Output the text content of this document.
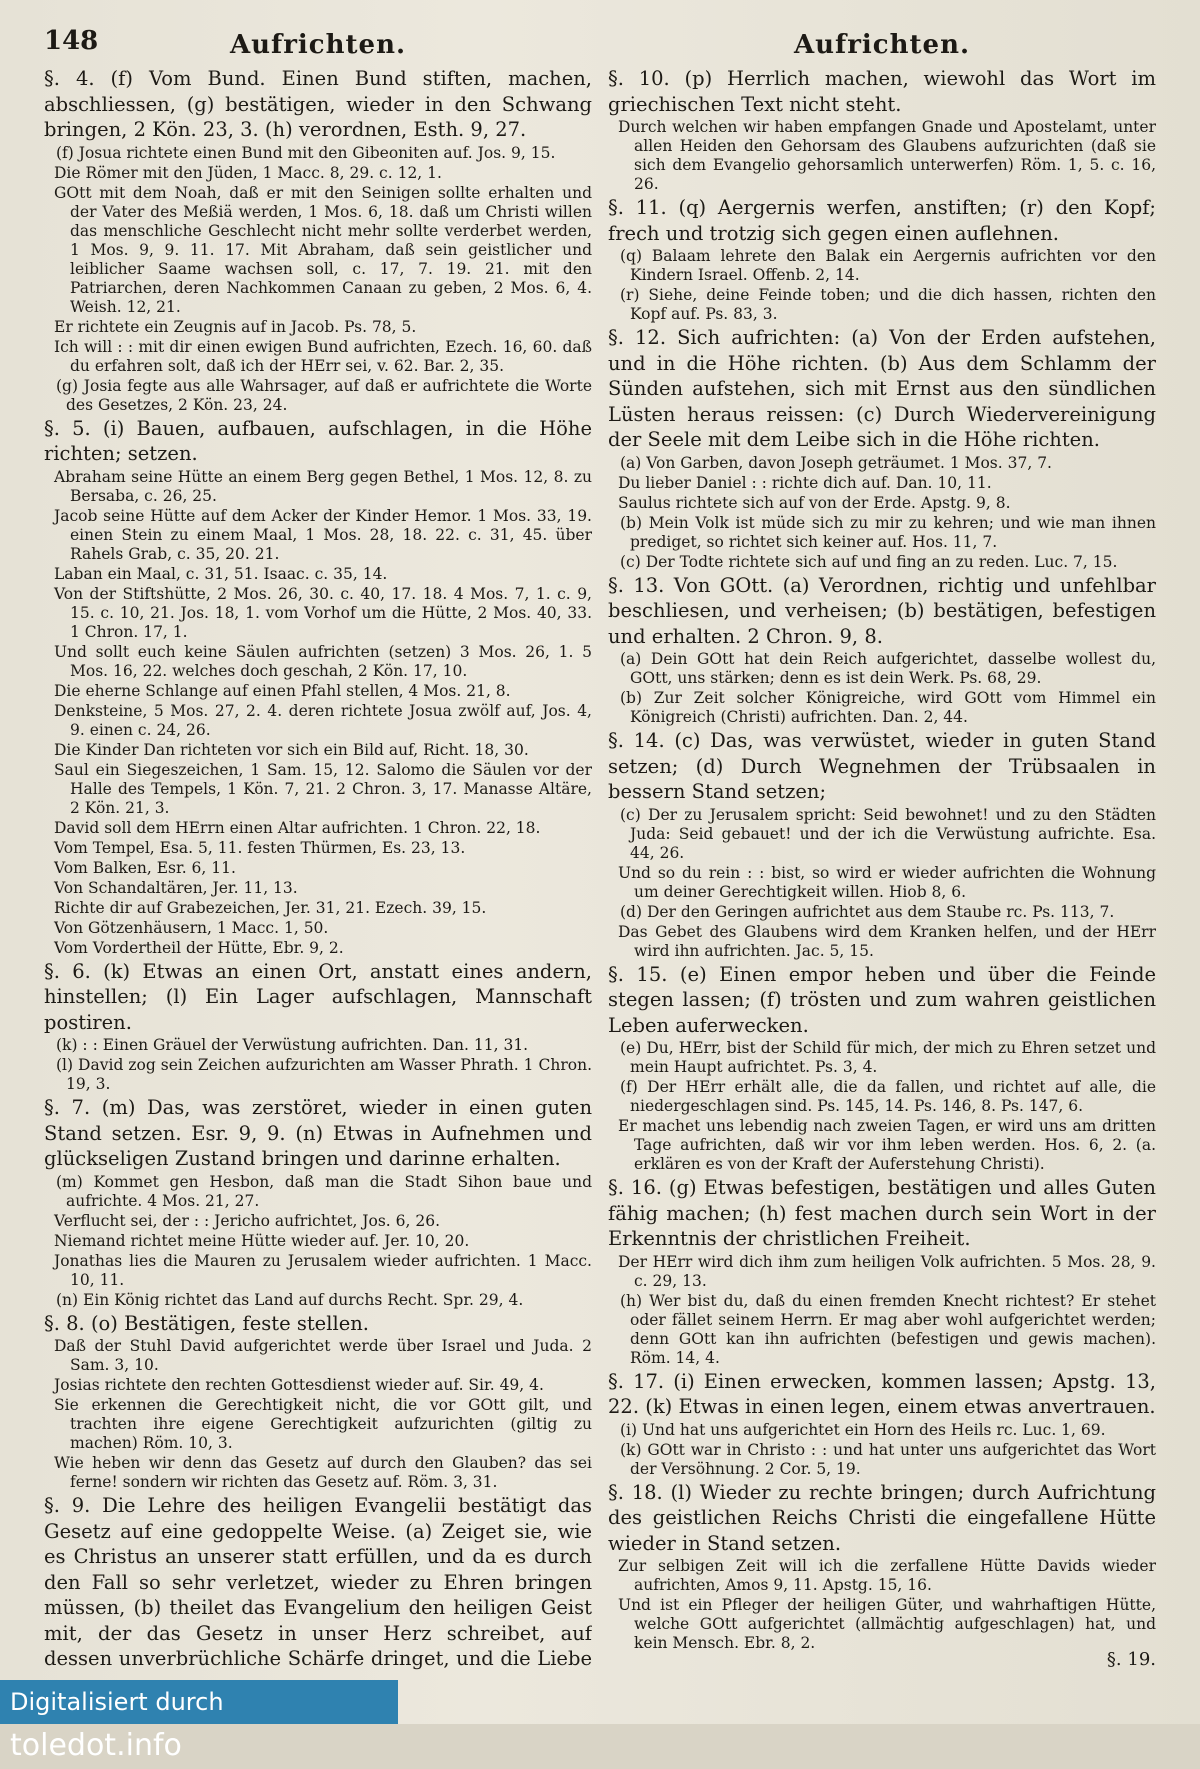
148	Aufrichten.
§. 4. (f) Vom Bund. Einen Bund stiften, machen, abschliessen, (g) bestätigen, wieder in den Schwang bringen, 2 Kön. 23, 3. (h) verordnen, Esth. 9, 27.
(f) Josua richtete einen Bund mit den Gibeoniten auf. Jos. 9, 15.
Die Römer mit den Jüden, 1 Macc. 8, 29. c. 12, 1.
GOtt mit dem Noah, daß er mit den Seinigen sollte erhalten und der Vater des Meßiä werden, 1 Mos. 6, 18. daß um Christi willen das menschliche Geschlecht nicht mehr sollte verderbet werden, 1 Mos. 9, 9. 11. 17. Mit Abraham, daß sein geistlicher und leiblicher Saame wachsen soll, c. 17, 7. 19. 21. mit den Patriarchen, deren Nachkommen Canaan zu geben, 2 Mos. 6, 4. Weish. 12, 21.
Er richtete ein Zeugnis auf in Jacob. Ps. 78, 5.
Ich will : : mit dir einen ewigen Bund aufrichten, Ezech. 16, 60. daß du erfahren solt, daß ich der HErr sei, v. 62. Bar. 2, 35.
(g) Josia fegte aus alle Wahrsager, auf daß er aufrichtete die Worte des Gesetzes, 2 Kön. 23, 24.
§. 5. (i) Bauen, aufbauen, aufschlagen, in die Höhe richten; setzen.
Abraham seine Hütte an einem Berg gegen Bethel, 1 Mos. 12, 8. zu Bersaba, c. 26, 25.
Jacob seine Hütte auf dem Acker der Kinder Hemor. 1 Mos. 33, 19. einen Stein zu einem Maal, 1 Mos. 28, 18. 22. c. 31, 45. über Rahels Grab, c. 35, 20. 21.
Laban ein Maal, c. 31, 51. Isaac. c. 35, 14.
Von der Stiftshütte, 2 Mos. 26, 30. c. 40, 17. 18. 4 Mos. 7, 1. c. 9, 15. c. 10, 21. Jos. 18, 1. vom Vorhof um die Hütte, 2 Mos. 40, 33. 1 Chron. 17, 1.
Und sollt euch keine Säulen aufrichten (setzen) 3 Mos. 26, 1. 5 Mos. 16, 22. welches doch geschah, 2 Kön. 17, 10.
Die eherne Schlange auf einen Pfahl stellen, 4 Mos. 21, 8.
Denksteine, 5 Mos. 27, 2. 4. deren richtete Josua zwölf auf, Jos. 4, 9. einen c. 24, 26.
Die Kinder Dan richteten vor sich ein Bild auf, Richt. 18, 30.
Saul ein Siegeszeichen, 1 Sam. 15, 12. Salomo die Säulen vor der Halle des Tempels, 1 Kön. 7, 21. 2 Chron. 3, 17. Manasse Altäre, 2 Kön. 21, 3.
David soll dem HErrn einen Altar aufrichten. 1 Chron. 22, 18.
Vom Tempel, Esa. 5, 11. festen Thürmen, Es. 23, 13.
Vom Balken, Esr. 6, 11.
Von Schandaltären, Jer. 11, 13.
Richte dir auf Grabezeichen, Jer. 31, 21. Ezech. 39, 15.
Von Götzenhäusern, 1 Macc. 1, 50.
Vom Vordertheil der Hütte, Ebr. 9, 2.
§. 6. (k) Etwas an einen Ort, anstatt eines andern, hinstellen; (l) Ein Lager aufschlagen, Mannschaft postiren.
(k) : : Einen Gräuel der Verwüstung aufrichten. Dan. 11, 31.
(l) David zog sein Zeichen aufzurichten am Wasser Phrath. 1 Chron. 19, 3.
§. 7. (m) Das, was zerstöret, wieder in einen guten Stand setzen. Esr. 9, 9. (n) Etwas in Aufnehmen und glückseligen Zustand bringen und darinne erhalten.
(m) Kommet gen Hesbon, daß man die Stadt Sihon baue und aufrichte. 4 Mos. 21, 27.
Verflucht sei, der : : Jericho aufrichtet, Jos. 6, 26.
Niemand richtet meine Hütte wieder auf. Jer. 10, 20.
Jonathas lies die Mauren zu Jerusalem wieder aufrichten. 1 Macc. 10, 11.
(n) Ein König richtet das Land auf durchs Recht. Spr. 29, 4.
§. 8. (o) Bestätigen, feste stellen.
Daß der Stuhl David aufgerichtet werde über Israel und Juda. 2 Sam. 3, 10.
Josias richtete den rechten Gottesdienst wieder auf. Sir. 49, 4.
Sie erkennen die Gerechtigkeit nicht, die vor GOtt gilt, und trachten ihre eigene Gerechtigkeit aufzurichten (giltig zu machen) Röm. 10, 3.
Wie heben wir denn das Gesetz auf durch den Glauben? das sei ferne! sondern wir richten das Gesetz auf. Röm. 3, 31.
§. 9. Die Lehre des heiligen Evangelii bestätigt das Gesetz auf eine gedoppelte Weise. (a) Zeiget sie, wie es Christus an unserer statt erfüllen, und da es durch den Fall so sehr verletzet, wieder zu Ehren bringen müssen, (b) theilet das Evangelium den heiligen Geist mit, der das Gesetz in unser Herz schreibet, auf dessen unverbrüchliche Schärfe dringet, und die Liebe
Aufrichten.
§. 10. (p) Herrlich machen, wiewohl das Wort im griechischen Text nicht steht.
Durch welchen wir haben empfangen Gnade und Apostelamt, unter allen Heiden den Gehorsam des Glaubens aufzurichten (daß sie sich dem Evangelio gehorsamlich unterwerfen) Röm. 1, 5. c. 16, 26.
§. 11. (q) Aergernis werfen, anstiften; (r) den Kopf; frech und trotzig sich gegen einen auflehnen.
(q) Balaam lehrete den Balak ein Aergernis aufrichten vor den Kindern Israel. Offenb. 2, 14.
(r) Siehe, deine Feinde toben; und die dich hassen, richten den Kopf auf. Ps. 83, 3.
§. 12. Sich aufrichten: (a) Von der Erden aufstehen, und in die Höhe richten. (b) Aus dem Schlamm der Sünden aufstehen, sich mit Ernst aus den sündlichen Lüsten heraus reissen: (c) Durch Wiedervereinigung der Seele mit dem Leibe sich in die Höhe richten.
(a) Von Garben, davon Joseph geträumet. 1 Mos. 37, 7.
Du lieber Daniel : : richte dich auf. Dan. 10, 11.
Saulus richtete sich auf von der Erde. Apstg. 9, 8.
(b) Mein Volk ist müde sich zu mir zu kehren; und wie man ihnen prediget, so richtet sich keiner auf. Hos. 11, 7.
(c) Der Todte richtete sich auf und fing an zu reden. Luc. 7, 15.
§. 13. Von GOtt. (a) Verordnen, richtig und unfehlbar beschliesen, und verheisen; (b) bestätigen, befestigen und erhalten. 2 Chron. 9, 8.
(a) Dein GOtt hat dein Reich aufgerichtet, dasselbe wollest du, GOtt, uns stärken; denn es ist dein Werk. Ps. 68, 29.
(b) Zur Zeit solcher Königreiche, wird GOtt vom Himmel ein Königreich (Christi) aufrichten. Dan. 2, 44.
§. 14. (c) Das, was verwüstet, wieder in guten Stand setzen; (d) Durch Wegnehmen der Trübsaalen in bessern Stand setzen;
(c) Der zu Jerusalem spricht: Seid bewohnet! und zu den Städten Juda: Seid gebauet! und der ich die Verwüstung aufrichte. Esa. 44, 26.
Und so du rein : : bist, so wird er wieder aufrichten die Wohnung um deiner Gerechtigkeit willen. Hiob 8, 6.
(d) Der den Geringen aufrichtet aus dem Staube rc. Ps. 113, 7.
Das Gebet des Glaubens wird dem Kranken helfen, und der HErr wird ihn aufrichten. Jac. 5, 15.
§. 15. (e) Einen empor heben und über die Feinde stegen lassen; (f) trösten und zum wahren geistlichen Leben auferwecken.
(e) Du, HErr, bist der Schild für mich, der mich zu Ehren setzet und mein Haupt aufrichtet. Ps. 3, 4.
(f) Der HErr erhält alle, die da fallen, und richtet auf alle, die niedergeschlagen sind. Ps. 145, 14. Ps. 146, 8. Ps. 147, 6.
Er machet uns lebendig nach zweien Tagen, er wird uns am dritten Tage aufrichten, daß wir vor ihm leben werden. Hos. 6, 2. (a. erklären es von der Kraft der Auferstehung Christi).
§. 16. (g) Etwas befestigen, bestätigen und alles Guten fähig machen; (h) fest machen durch sein Wort in der Erkenntnis der christlichen Freiheit.
Der HErr wird dich ihm zum heiligen Volk aufrichten. 5 Mos. 28, 9. c. 29, 13.
(h) Wer bist du, daß du einen fremden Knecht richtest? Er stehet oder fället seinem Herrn. Er mag aber wohl aufgerichtet werden; denn GOtt kan ihn aufrichten (befestigen und gewis machen). Röm. 14, 4.
§. 17. (i) Einen erwecken, kommen lassen; Apstg. 13, 22. (k) Etwas in einen legen, einem etwas anvertrauen.
(i) Und hat uns aufgerichtet ein Horn des Heils rc. Luc. 1, 69.
(k) GOtt war in Christo : : und hat unter uns aufgerichtet das Wort der Versöhnung. 2 Cor. 5, 19.
§. 18. (l) Wieder zu rechte bringen; durch Aufrichtung des geistlichen Reichs Christi die eingefallene Hütte wieder in Stand setzen.
Zur selbigen Zeit will ich die zerfallene Hütte Davids wieder aufrichten, Amos 9, 11. Apstg. 15, 16.
Und ist ein Pfleger der heiligen Güter, und wahrhaftigen Hütte, welche GOtt aufgerichtet (allmächtig aufgeschlagen) hat, und kein Mensch. Ebr. 8, 2.
§. 19.
Digitalisiert durch toledot.info
